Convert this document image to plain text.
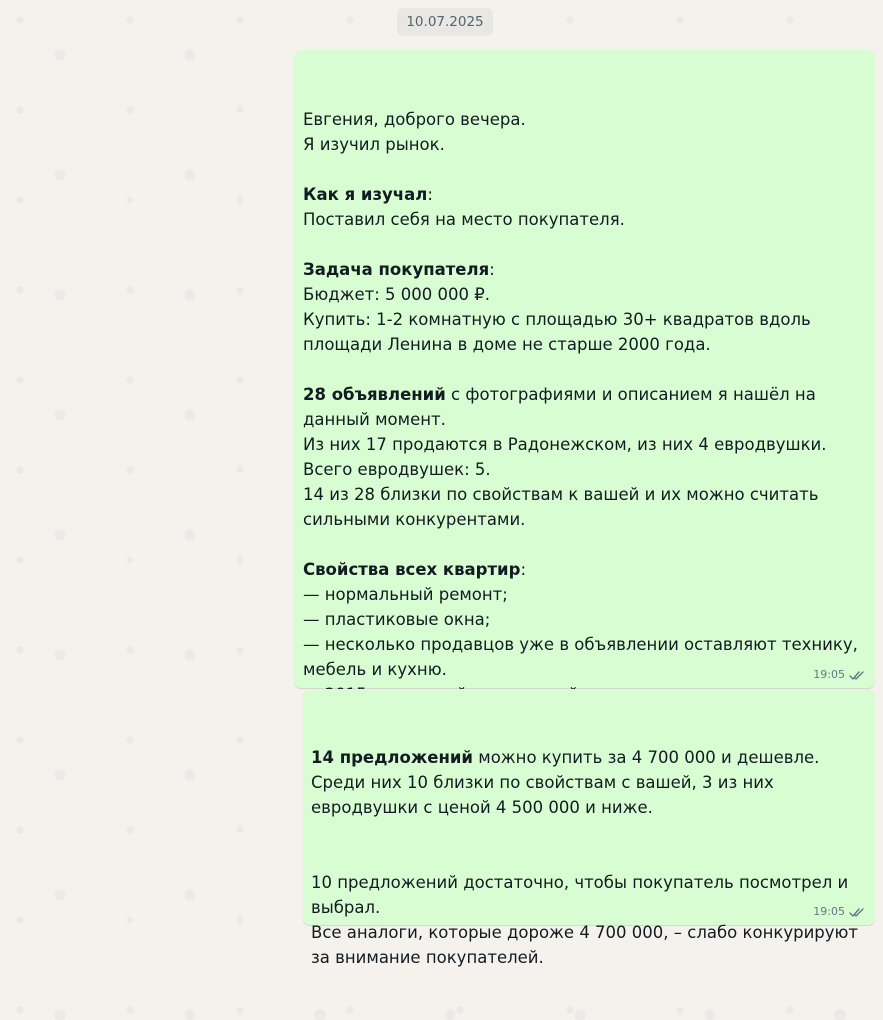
10.07.2025

Евгения, доброго вечера.
Я изучил рынок.
Как я изучал:
Поставил себя на место покупателя.
Задача покупателя:
Бюджет: 5 000 000 ₽.
Купить: 1-2 комнатную с площадью 30+ квадратов вдоль
площади Ленина в доме не старше 2000 года.
28 объявлений с фотографиями и описанием я нашёл на
данный момент.
Из них 17 продаются в Радонежском, из них 4 евродвушки.
Всего евродвушек: 5.
14 из 28 близки по свойствам к вашей и их можно считать
сильными конкурентами.
Свойства всех квартир:
— нормальный ремонт;
— пластиковые окна;
— несколько продавцов уже в объявлении оставляют технику,
мебель и кухню.

	19:05

14 предложений можно купить за 4 700 000 и дешевле.
Среди них 10 близки по свойствам с вашей, 3 из них
евродвушки с ценой 4 500 000 и ниже.
10 предложений достаточно, чтобы покупатель посмотрел и
выбрал.
Все аналоги, которые дороже 4 700 000, – слабо конкурируют
за внимание покупателей.

19:05
